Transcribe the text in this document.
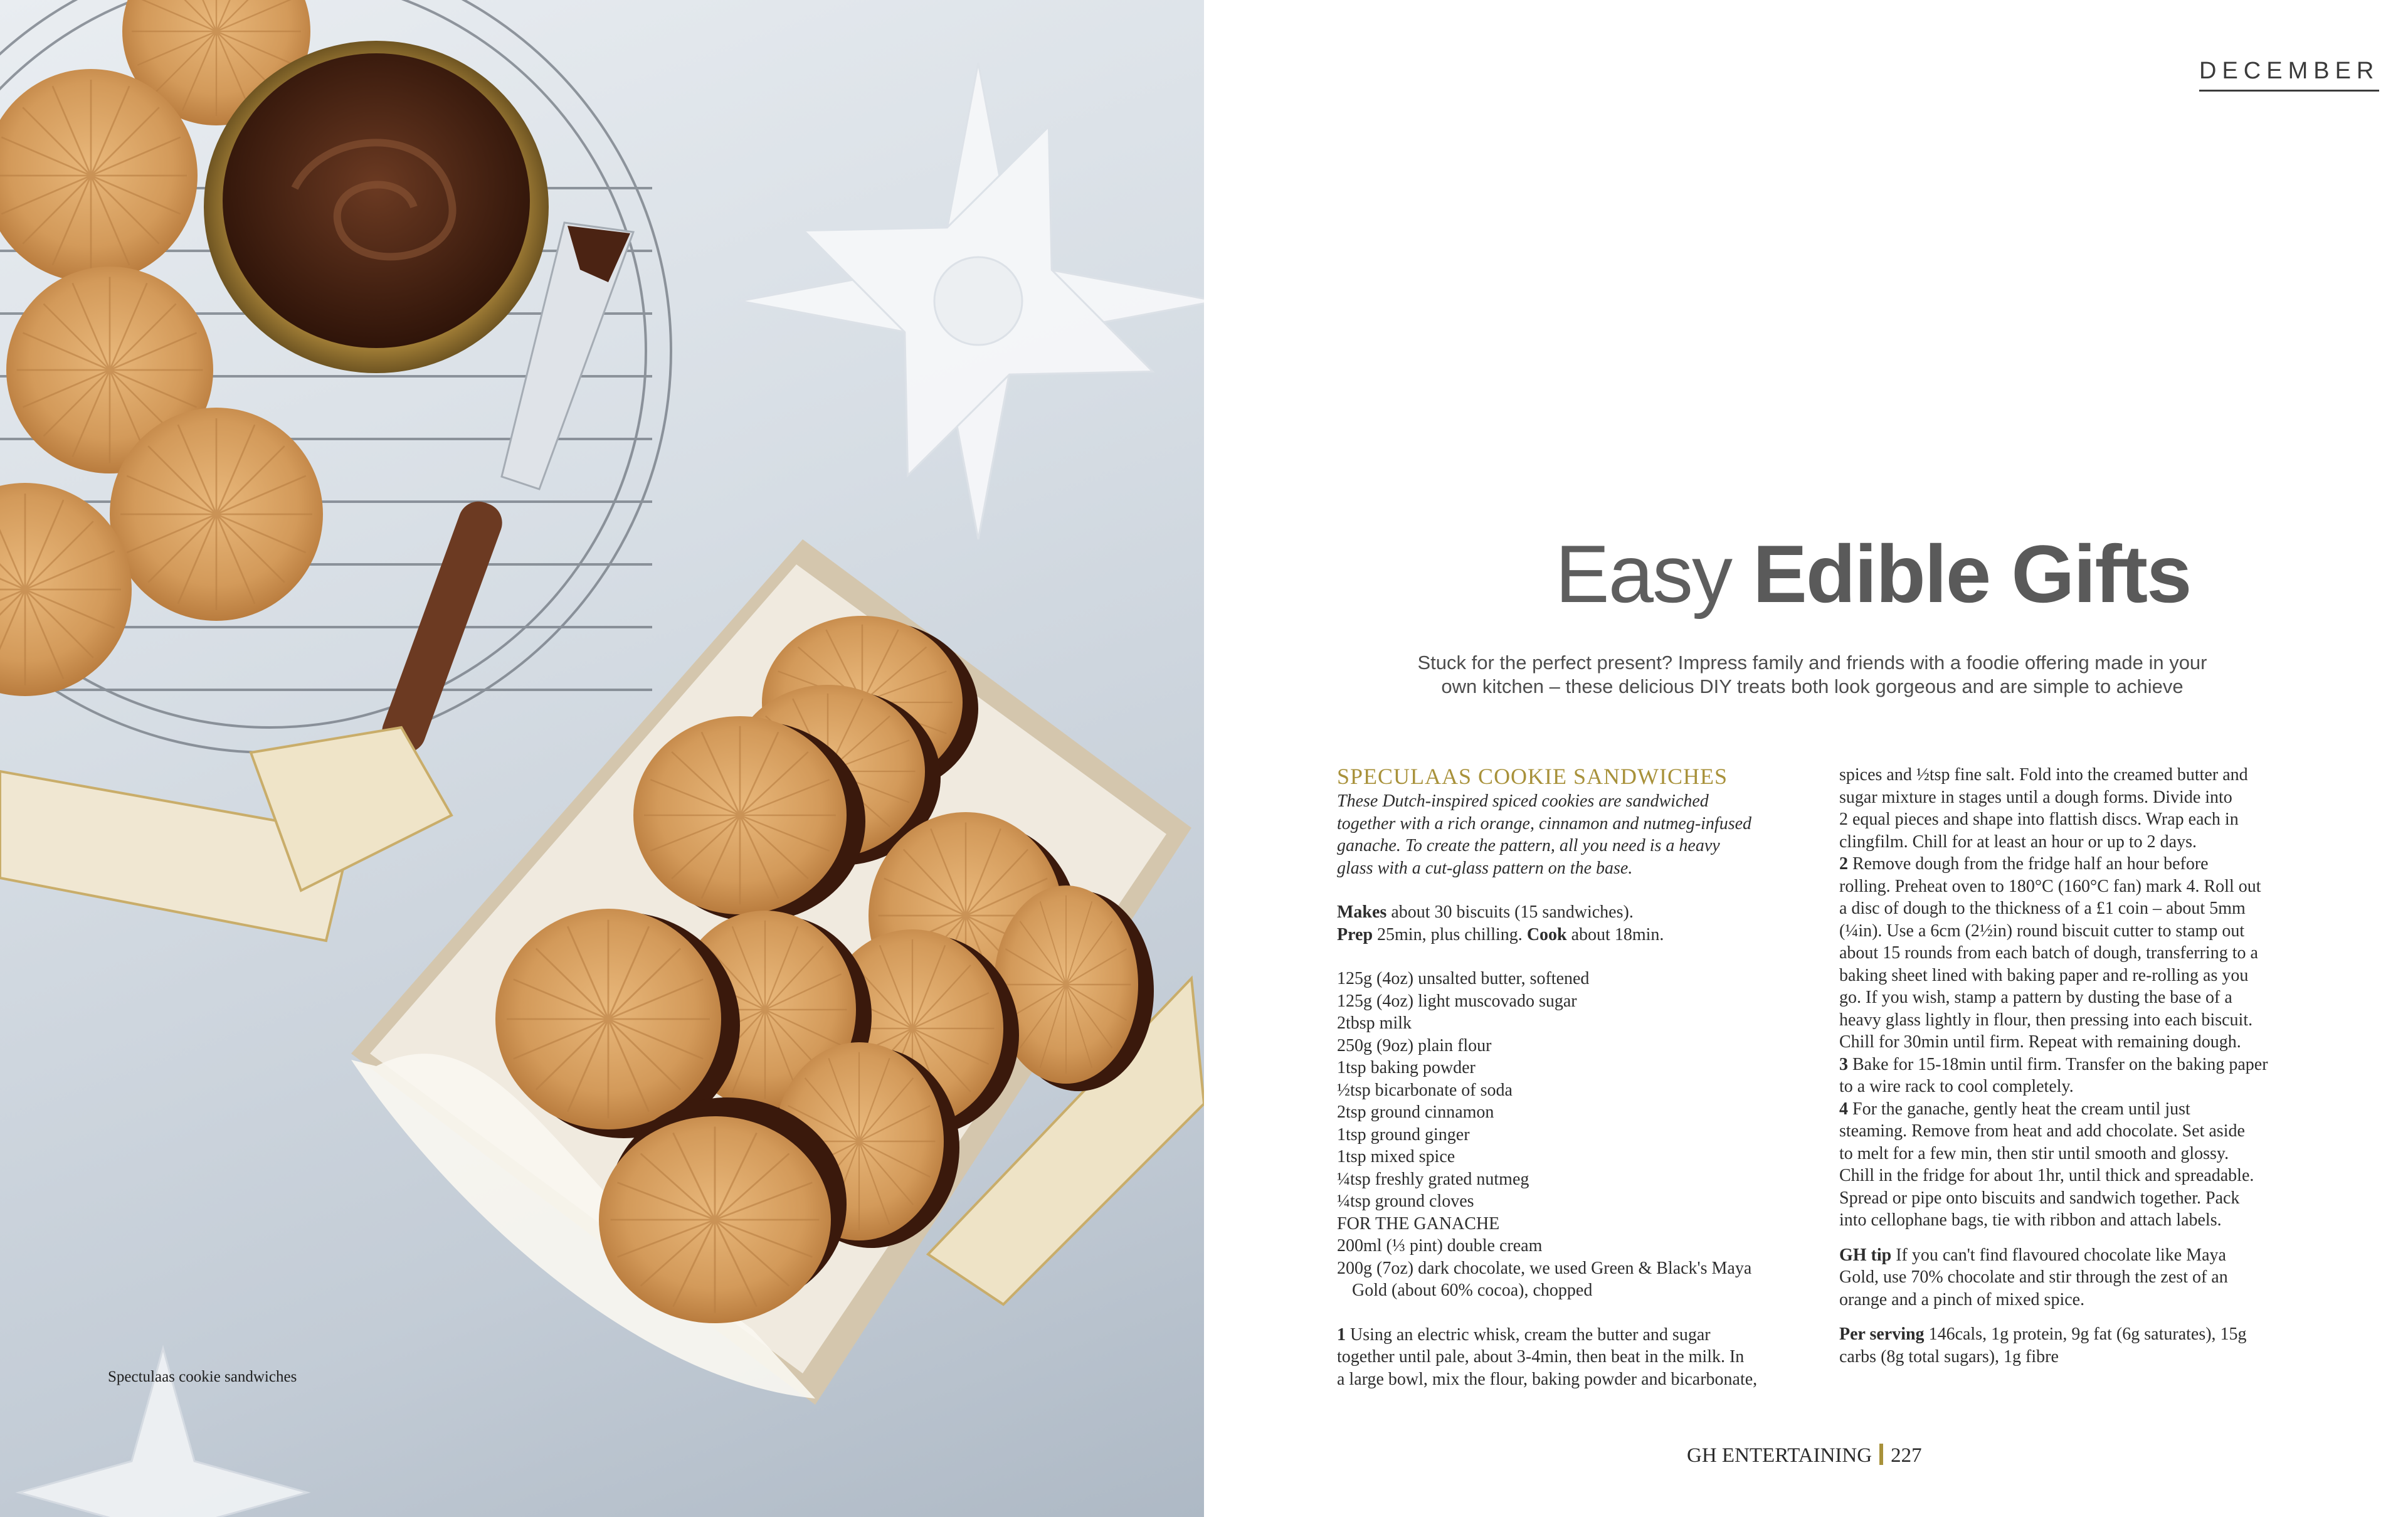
Spectulaas cookie sandwiches
DECEMBER
Easy Edible Gifts
Stuck for the perfect present? Impress family and friends with a foodie offering made in your
own kitchen – these delicious DIY treats both look gorgeous and are simple to achieve
SPECULAAS COOKIE SANDWICHES
These Dutch-inspired spiced cookies are sandwiched
together with a rich orange, cinnamon and nutmeg-infused
ganache. To create the pattern, all you need is a heavy
glass with a cut-glass pattern on the base.
Makes about 30 biscuits (15 sandwiches).
Prep 25min, plus chilling. Cook about 18min.
125g (4oz) unsalted butter, softened
125g (4oz) light muscovado sugar
2tbsp milk
250g (9oz) plain flour
1tsp baking powder
½tsp bicarbonate of soda
2tsp ground cinnamon
1tsp ground ginger
1tsp mixed spice
¼tsp freshly grated nutmeg
¼tsp ground cloves
FOR THE GANACHE
200ml (⅓ pint) double cream
200g (7oz) dark chocolate, we used Green & Black's Maya
Gold (about 60% cocoa), chopped
1 Using an electric whisk, cream the butter and sugar
together until pale, about 3-4min, then beat in the milk. In
a large bowl, mix the flour, baking powder and bicarbonate,
spices and ½tsp fine salt. Fold into the creamed butter and
sugar mixture in stages until a dough forms. Divide into
2 equal pieces and shape into flattish discs. Wrap each in
clingfilm. Chill for at least an hour or up to 2 days.
2 Remove dough from the fridge half an hour before
rolling. Preheat oven to 180°C (160°C fan) mark 4. Roll out
a disc of dough to the thickness of a £1 coin – about 5mm
(¼in). Use a 6cm (2½in) round biscuit cutter to stamp out
about 15 rounds from each batch of dough, transferring to a
baking sheet lined with baking paper and re-rolling as you
go. If you wish, stamp a pattern by dusting the base of a
heavy glass lightly in flour, then pressing into each biscuit.
Chill for 30min until firm. Repeat with remaining dough.
3 Bake for 15-18min until firm. Transfer on the baking paper
to a wire rack to cool completely.
4 For the ganache, gently heat the cream until just
steaming. Remove from heat and add chocolate. Set aside
to melt for a few min, then stir until smooth and glossy.
Chill in the fridge for about 1hr, until thick and spreadable.
Spread or pipe onto biscuits and sandwich together. Pack
into cellophane bags, tie with ribbon and attach labels.
GH tip If you can't find flavoured chocolate like Maya
Gold, use 70% chocolate and stir through the zest of an
orange and a pinch of mixed spice.
Per serving 146cals, 1g protein, 9g fat (6g saturates), 15g
carbs (8g total sugars), 1g fibre
GH ENTERTAINING 227
